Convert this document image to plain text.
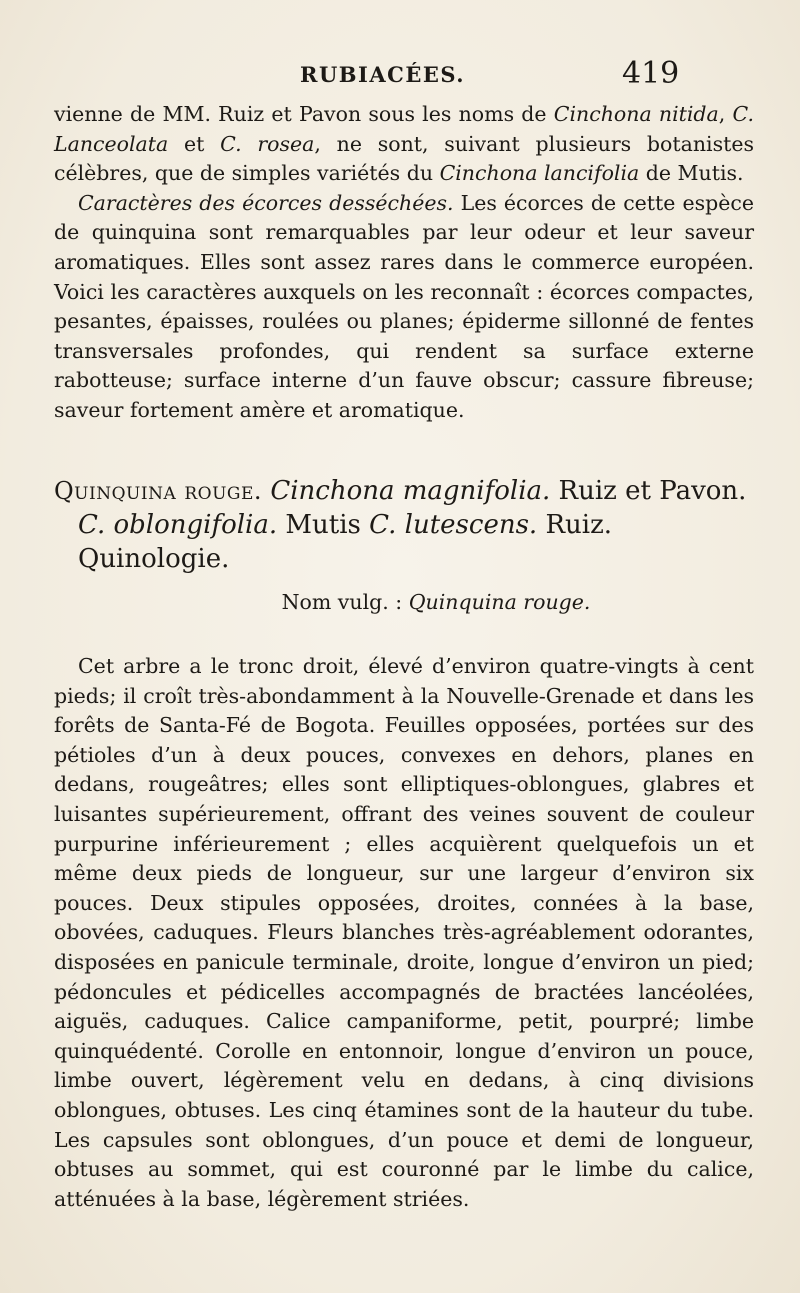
RUBIACÉES.	419

vienne de MM. Ruiz et Pavon sous les noms de Cinchona nitida, C. Lanceolata et C. rosea, ne sont, suivant plusieurs botanistes célèbres, que de simples variétés du Cinchona lancifolia de Mutis.

Caractères des écorces desséchées. Les écorces de cette espèce de quinquina sont remarquables par leur odeur et leur saveur aromatiques. Elles sont assez rares dans le commerce européen. Voici les caractères auxquels on les reconnaît : écorces compactes, pesantes, épaisses, roulées ou planes; épiderme sillonné de fentes transversales profondes, qui rendent sa surface externe rabotteuse; surface interne d’un fauve obscur; cassure fibreuse; saveur fortement amère et aromatique.

Quinquina rouge. Cinchona magnifolia. Ruiz et Pavon.
C. oblongifolia. Mutis C. lutescens. Ruiz. Quinologie.

Nom vulg. : Quinquina rouge.

Cet arbre a le tronc droit, élevé d’environ quatre-vingts à cent pieds; il croît très-abondamment à la Nouvelle-Grenade et dans les forêts de Santa-Fé de Bogota. Feuilles opposées, portées sur des pétioles d’un à deux pouces, convexes en dehors, planes en dedans, rougeâtres; elles sont elliptiques-oblongues, glabres et luisantes supérieurement, offrant des veines souvent de couleur purpurine inférieurement ; elles acquièrent quelquefois un et même deux pieds de longueur, sur une largeur d’environ six pouces. Deux stipules opposées, droites, connées à la base, obovées, caduques. Fleurs blanches très-agréablement odorantes, disposées en panicule terminale, droite, longue d’environ un pied; pédoncules et pédicelles accompagnés de bractées lancéolées, aiguës, caduques. Calice campaniforme, petit, pourpré; limbe quinquédenté. Corolle en entonnoir, longue d’environ un pouce, limbe ouvert, légèrement velu en dedans, à cinq divisions oblongues, obtuses. Les cinq étamines sont de la hauteur du tube. Les capsules sont oblongues, d’un pouce et demi de longueur, obtuses au sommet, qui est couronné par le limbe du calice, atténuées à la base, légèrement striées.
